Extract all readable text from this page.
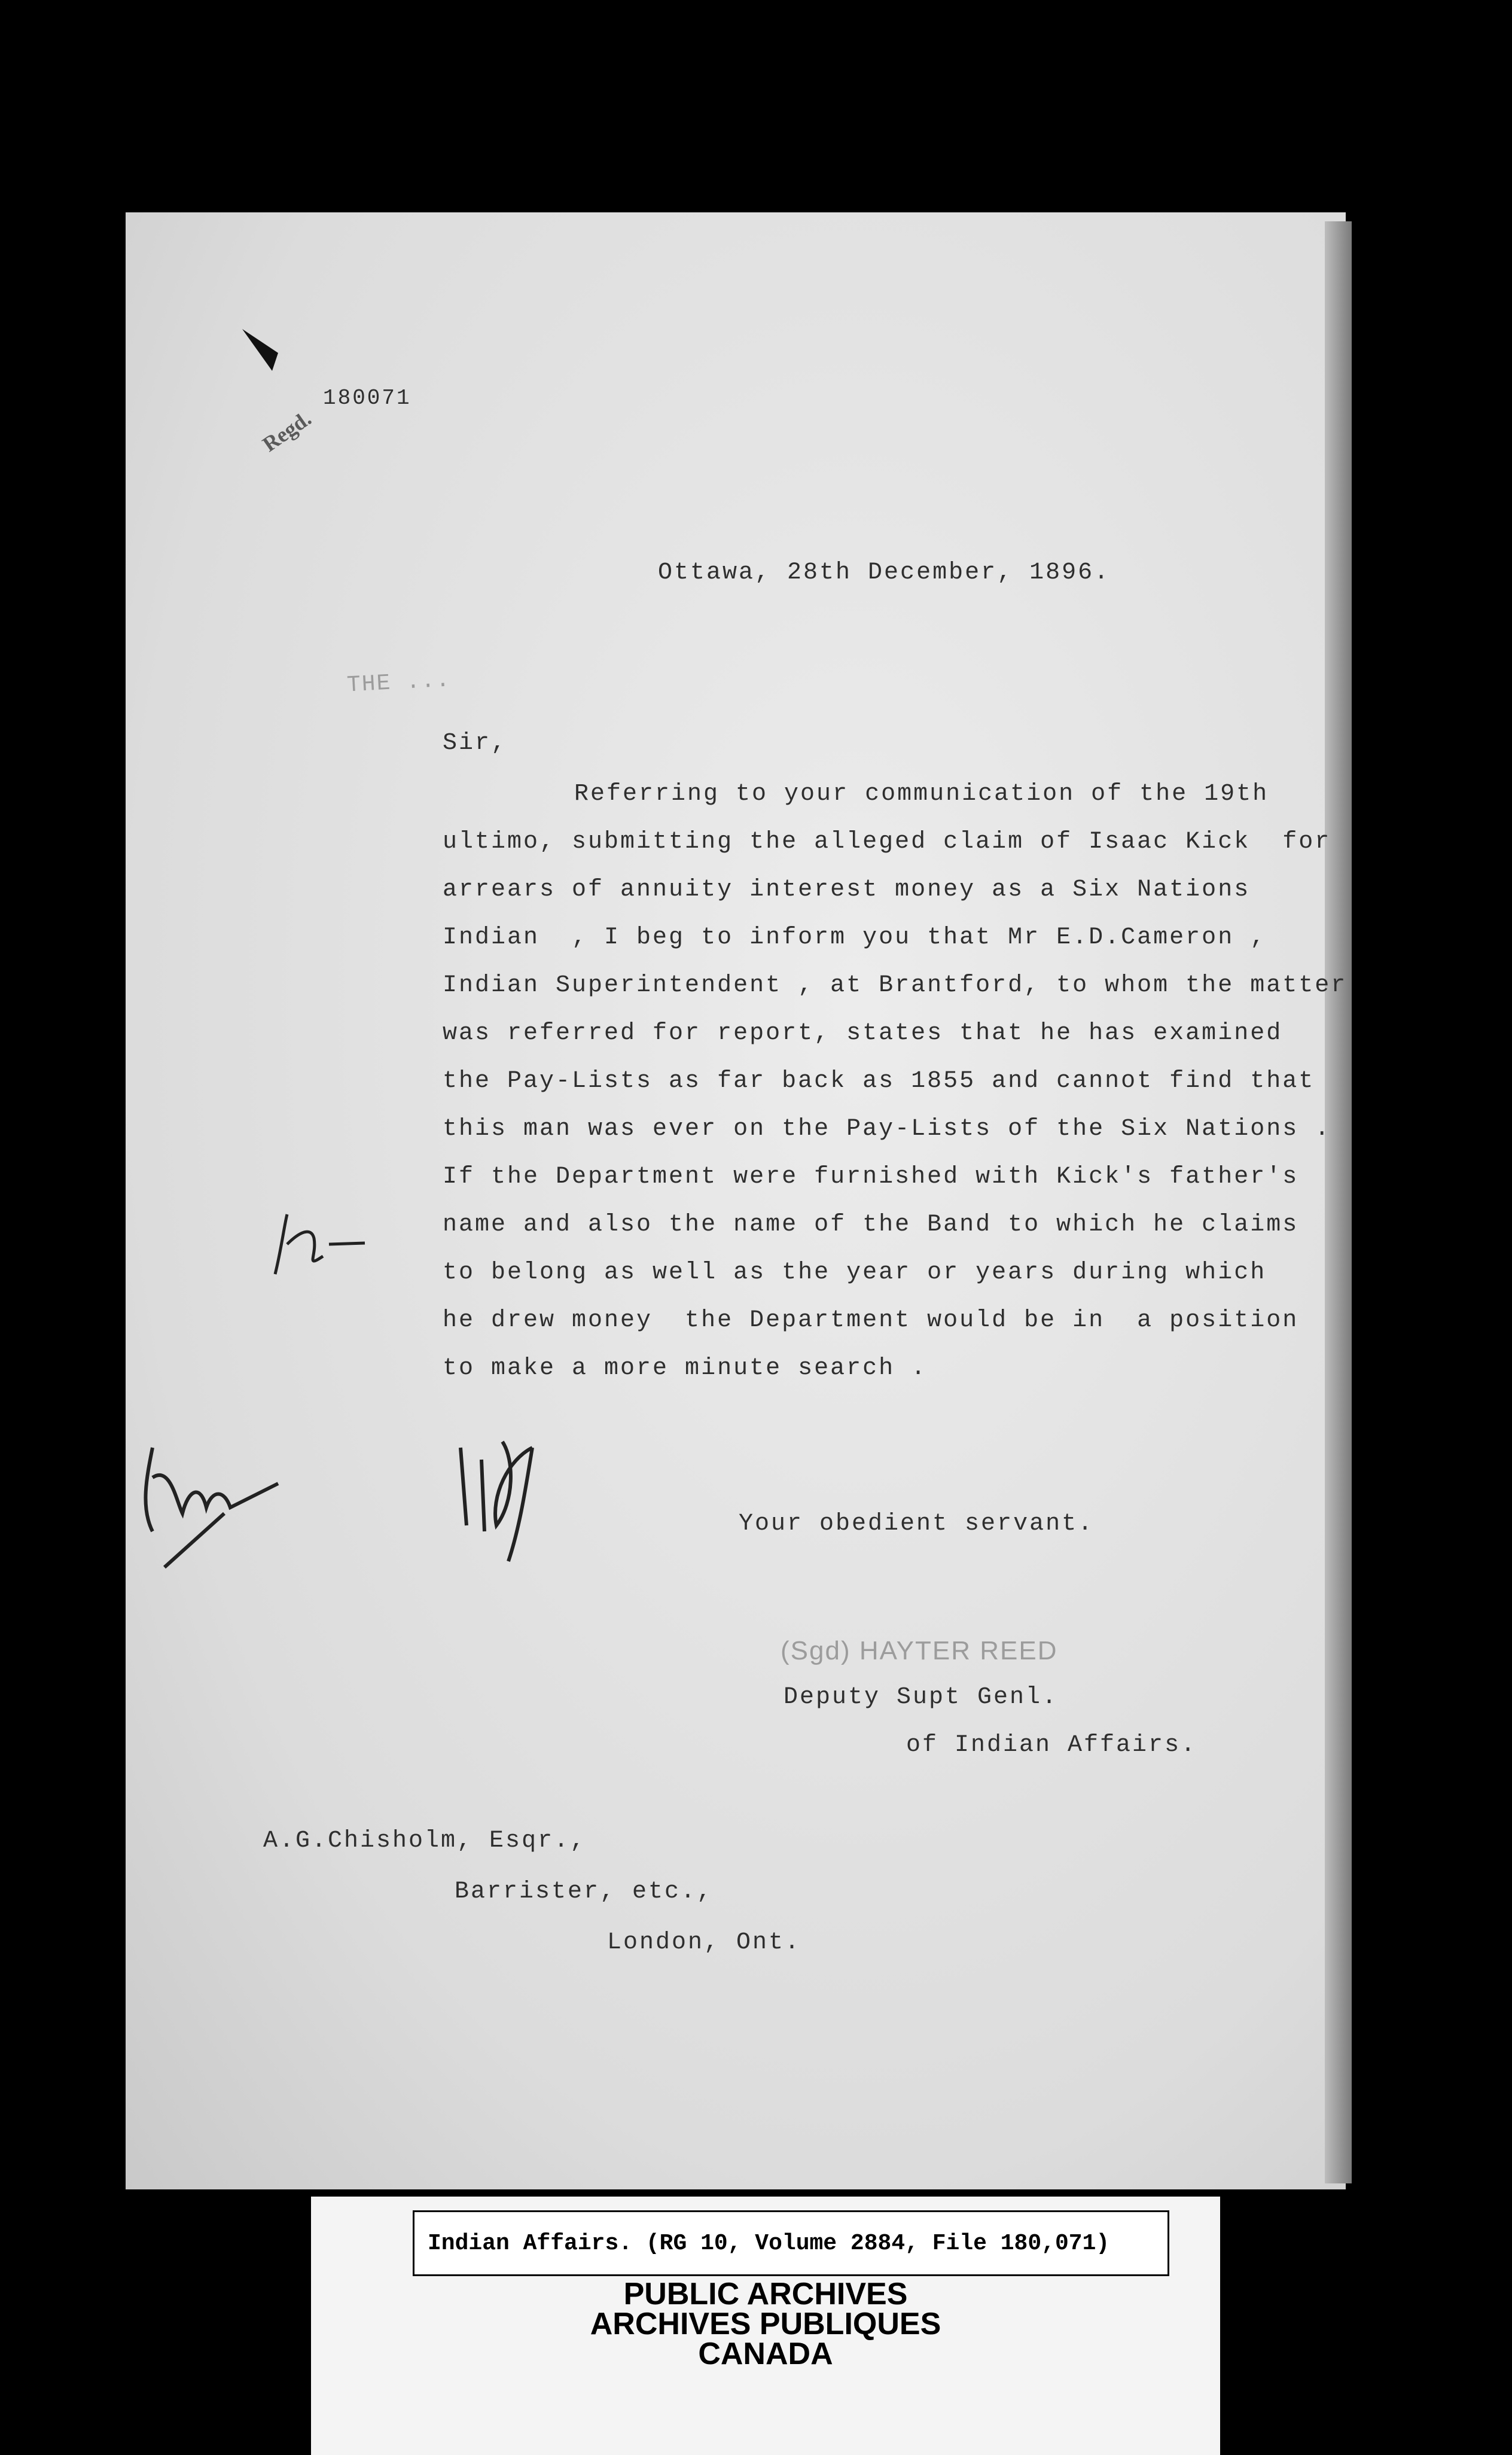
180071
Regd.
Ottawa, 28th December, 1896.
THE ...
Sir,
Referring to your communication of the 19th
ultimo, submitting the alleged claim of Isaac Kick  for
arrears of annuity interest money as a Six Nations
Indian  , I beg to inform you that Mr E.D.Cameron ,
Indian Superintendent , at Brantford, to whom the matter
was referred for report, states that he has examined
the Pay-Lists as far back as 1855 and cannot find that
this man was ever on the Pay-Lists of the Six Nations .
If the Department were furnished with Kick's father's
name and also the name of the Band to which he claims
to belong as well as the year or years during which
he drew money  the Department would be in  a position
to make a more minute search .
Your obedient servant.
(Sgd) HAYTER REED
Deputy Supt Genl.
of Indian Affairs.
A.G.Chisholm, Esqr.,
Barrister, etc.,
London, Ont.
Indian Affairs. (RG 10, Volume 2884, File 180,071)
PUBLIC ARCHIVES
ARCHIVES PUBLIQUES
CANADA
